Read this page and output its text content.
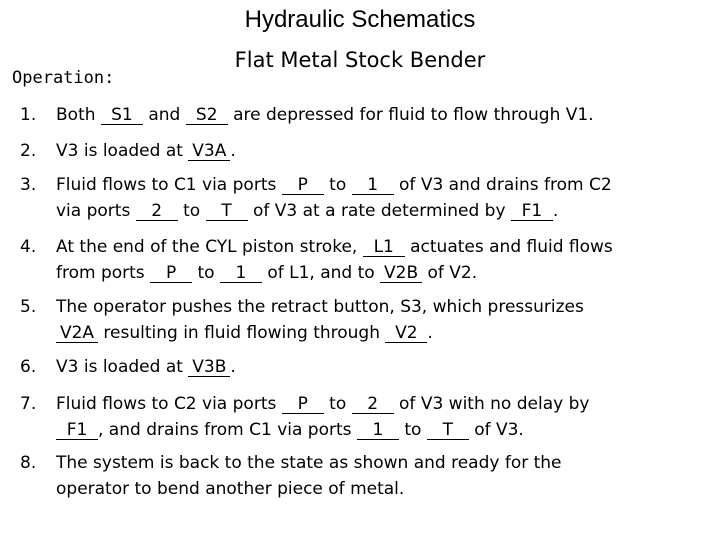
Hydraulic Schematics
Flat Metal Stock Bender
Operation:
1. Both S1 and S2 are depressed for fluid to flow through V1.
2. V3 is loaded at V3A .
3. Fluid flows to C1 via ports P to 1 of V3 and drains from C2
via ports 2 to T of V3 at a rate determined by F1 .
4. At the end of the CYL piston stroke, L1 actuates and fluid flows
from ports P to 1 of L1, and to V2B of V2.
5. The operator pushes the retract button, S3, which pressurizes
V2A resulting in fluid flowing through V2 .
6. V3 is loaded at V3B .
7. Fluid flows to C2 via ports P to 2 of V3 with no delay by
F1 , and drains from C1 via ports 1 to T of V3.
8. The system is back to the state as shown and ready for the
operator to bend another piece of metal.
